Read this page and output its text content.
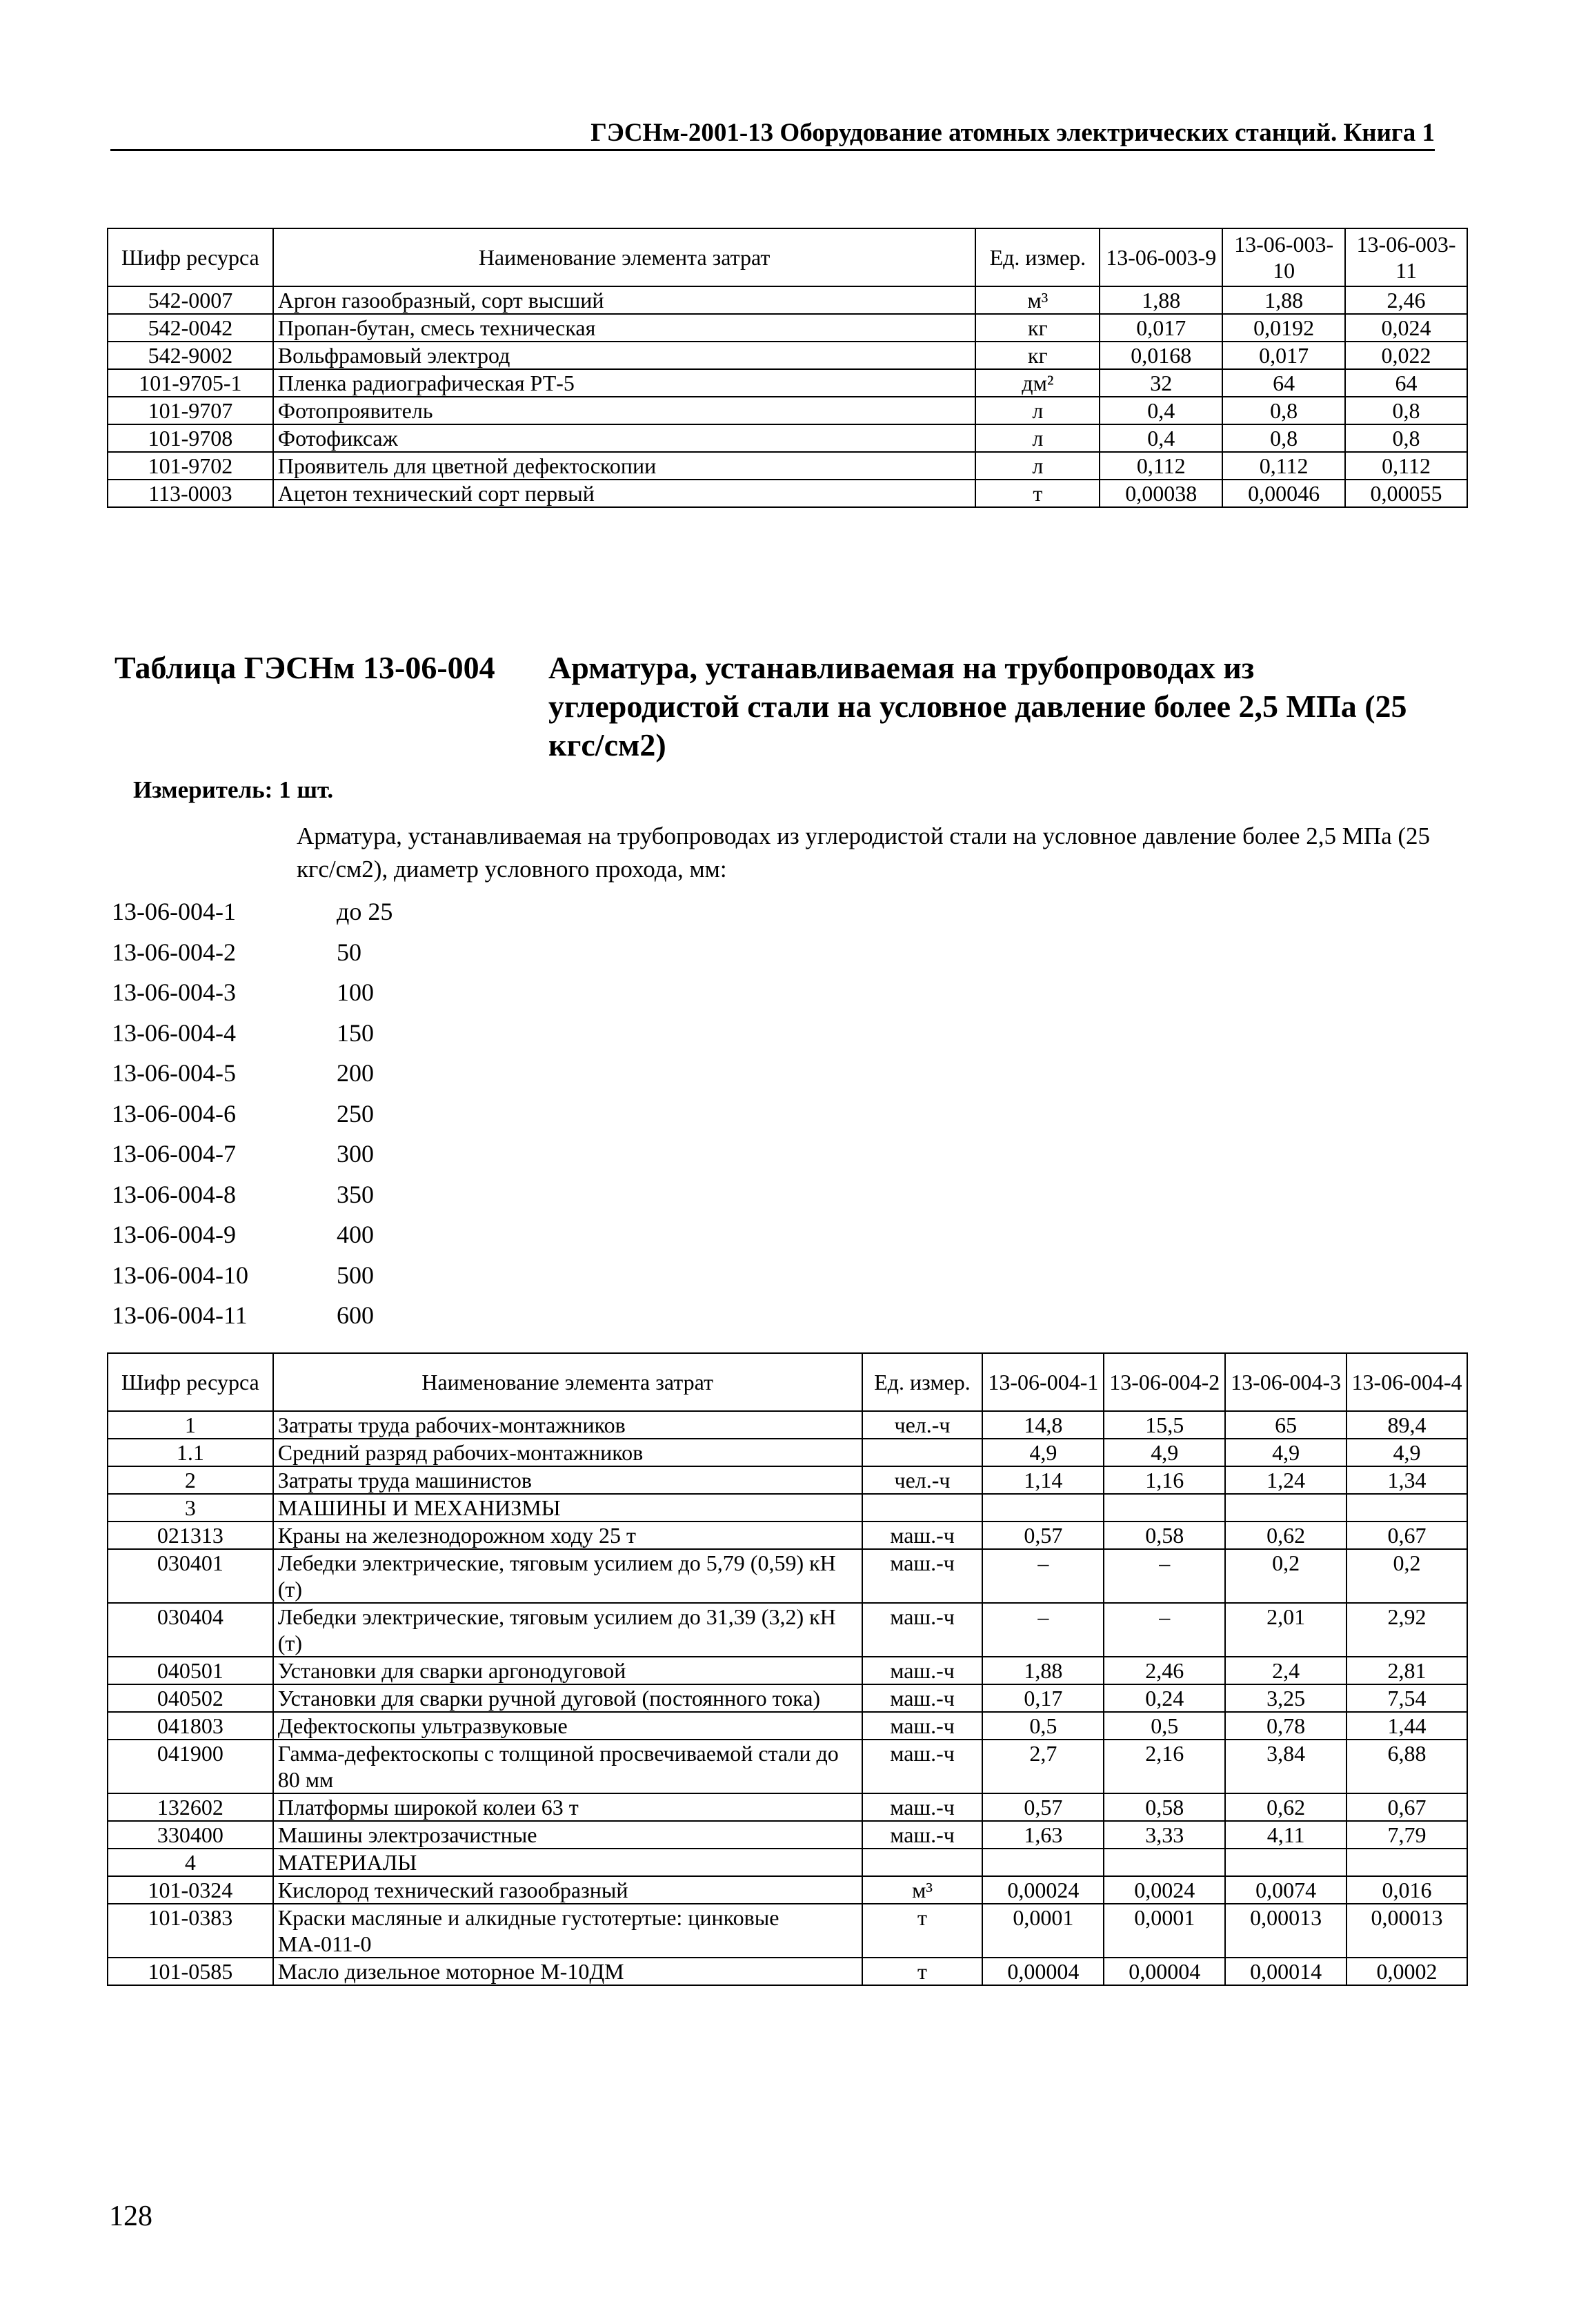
ГЭСНм-2001-13 Оборудование атомных электрических станций. Книга 1
Шифр ресурса	Наименование элемента затрат	Ед. измер.	13-06-003-9	13-06-003-10	13-06-003-11
542-0007	Аргон газообразный, сорт высший	м³	1,88	1,88	2,46
542-0042	Пропан-бутан, смесь техническая	кг	0,017	0,0192	0,024
542-9002	Вольфрамовый электрод	кг	0,0168	0,017	0,022
101-9705-1	Пленка радиографическая РТ-5	дм²	32	64	64
101-9707	Фотопроявитель	л	0,4	0,8	0,8
101-9708	Фотофиксаж	л	0,4	0,8	0,8
101-9702	Проявитель для цветной дефектоскопии	л	0,112	0,112	0,112
113-0003	Ацетон технический сорт первый	т	0,00038	0,00046	0,00055
Таблица ГЭСНм 13-06-004 Арматура, устанавливаемая на трубопроводах из углеродистой стали на условное давление более 2,5 МПа (25 кгс/см2)
Измеритель: 1 шт.
Арматура, устанавливаемая на трубопроводах из углеродистой стали на условное давление более 2,5 МПа (25 кгс/см2), диаметр условного прохода, мм:
13-06-004-1	до 25
13-06-004-2	50
13-06-004-3	100
13-06-004-4	150
13-06-004-5	200
13-06-004-6	250
13-06-004-7	300
13-06-004-8	350
13-06-004-9	400
13-06-004-10	500
13-06-004-11	600
Шифр ресурса	Наименование элемента затрат	Ед. измер.	13-06-004-1	13-06-004-2	13-06-004-3	13-06-004-4
1	Затраты труда рабочих-монтажников	чел.-ч	14,8	15,5	65	89,4
1.1	Средний разряд рабочих-монтажников		4,9	4,9	4,9	4,9
2	Затраты труда машинистов	чел.-ч	1,14	1,16	1,24	1,34
3	МАШИНЫ И МЕХАНИЗМЫ					
021313	Краны на железнодорожном ходу 25 т	маш.-ч	0,57	0,58	0,62	0,67
030401	Лебедки электрические, тяговым усилием до 5,79 (0,59) кН (т)	маш.-ч	–	–	0,2	0,2
030404	Лебедки электрические, тяговым усилием до 31,39 (3,2) кН (т)	маш.-ч	–	–	2,01	2,92
040501	Установки для сварки аргонодуговой	маш.-ч	1,88	2,46	2,4	2,81
040502	Установки для сварки ручной дуговой (постоянного тока)	маш.-ч	0,17	0,24	3,25	7,54
041803	Дефектоскопы ультразвуковые	маш.-ч	0,5	0,5	0,78	1,44
041900	Гамма-дефектоскопы с толщиной просвечиваемой стали до 80 мм	маш.-ч	2,7	2,16	3,84	6,88
132602	Платформы широкой колеи 63 т	маш.-ч	0,57	0,58	0,62	0,67
330400	Машины электрозачистные	маш.-ч	1,63	3,33	4,11	7,79
4	МАТЕРИАЛЫ					
101-0324	Кислород технический газообразный	м³	0,00024	0,0024	0,0074	0,016
101-0383	Краски масляные и алкидные густотертые: цинковые МА-011-0	т	0,0001	0,0001	0,00013	0,00013
101-0585	Масло дизельное моторное М-10ДМ	т	0,00004	0,00004	0,00014	0,0002
128
